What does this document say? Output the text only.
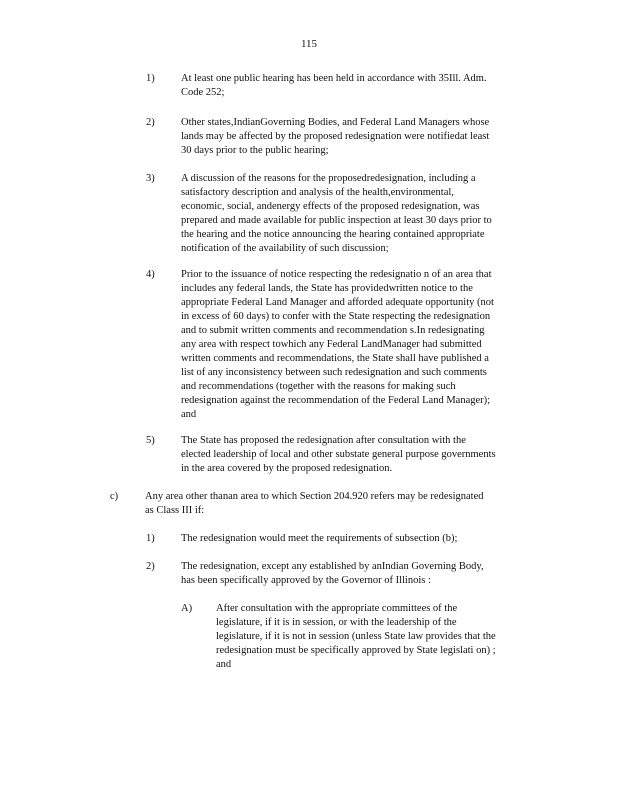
115
1)	At least one public hearing has been held in accordance with 35Ill. Adm.
Code 252;
2)	Other states,IndianGoverning Bodies, and Federal Land Managers whose
lands may be affected by the proposed redesignation were notifiedat least
30 days prior to the public hearing;
3)	A discussion of the reasons for the proposedredesignation, including a
satisfactory description and analysis of the health,environmental,
economic, social, andenergy effects of the proposed redesignation, was
prepared and made available for public inspection at least 30 days prior to
the hearing and the notice announcing the hearing contained appropriate
notification of the availability of such discussion;
4)	Prior to the issuance of notice respecting the redesignatio n of an area that
includes any federal lands, the State has providedwritten notice to the
appropriate Federal Land Manager and afforded adequate opportunity (not
in excess of 60 days) to confer with the State respecting the redesignation
and to submit written comments and recommendation s.In redesignating
any area with respect towhich any Federal LandManager had submitted
written comments and recommendations, the State shall have published a
list of any inconsistency between such redesignation and such comments
and recommendations (together with the reasons for making such
redesignation against the recommendation of the Federal Land Manager);
and
5)	The State has proposed the redesignation after consultation with the
elected leadership of local and other substate general purpose governments
in the area covered by the proposed redesignation.
c)	Any area other thanan area to which Section 204.920 refers may be redesignated
as Class III if:
1)	The redesignation would meet the requirements of subsection (b);
2)	The redesignation, except any established by anIndian Governing Body,
has been specifically approved by the Governor of Illinois :
A) After consultation with the appropriate committees of the
legislature, if it is in session, or with the leadership of the
legislature, if it is not in session (unless State law provides that the
redesignation must be specifically approved by State legislati on) ;
and
